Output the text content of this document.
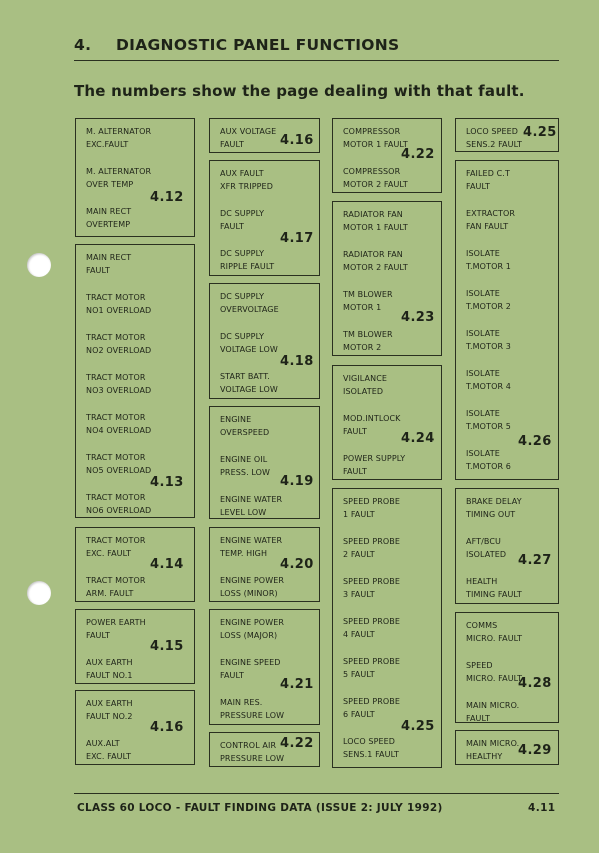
4. DIAGNOSTIC PANEL FUNCTIONS
The numbers show the page dealing with that fault.
M. ALTERNATOR
EXC.FAULT
M. ALTERNATOR
OVER TEMP
MAIN RECT
OVERTEMP
4.12
MAIN RECT
FAULT
TRACT MOTOR
NO1 OVERLOAD
TRACT MOTOR
NO2 OVERLOAD
TRACT MOTOR
NO3 OVERLOAD
TRACT MOTOR
NO4 OVERLOAD
TRACT MOTOR
NO5 OVERLOAD
TRACT MOTOR
NO6 OVERLOAD
4.13
TRACT MOTOR
EXC. FAULT
TRACT MOTOR
ARM. FAULT
4.14
POWER EARTH
FAULT
AUX EARTH
FAULT NO.1
4.15
AUX EARTH
FAULT NO.2
AUX.ALT
EXC. FAULT
4.16
AUX VOLTAGE
FAULT	4.16
AUX FAULT
XFR TRIPPED
DC SUPPLY
FAULT
DC SUPPLY
RIPPLE FAULT
4.17
DC SUPPLY
OVERVOLTAGE
DC SUPPLY
VOLTAGE LOW
START BATT.
VOLTAGE LOW
4.18
ENGINE
OVERSPEED
ENGINE OIL
PRESS. LOW
ENGINE WATER
LEVEL LOW
4.19
ENGINE WATER
TEMP. HIGH
ENGINE POWER
LOSS (MINOR)
4.20
ENGINE POWER
LOSS (MAJOR)
ENGINE SPEED
FAULT
MAIN RES.
PRESSURE LOW
4.21
CONTROL AIR
PRESSURE LOW
4.22
COMPRESSOR
MOTOR 1 FAULT
COMPRESSOR
MOTOR 2 FAULT
4.22
RADIATOR FAN
MOTOR 1 FAULT
RADIATOR FAN
MOTOR 2 FAULT
TM BLOWER
MOTOR 1
TM BLOWER
MOTOR 2
4.23
VIGILANCE
ISOLATED
MOD.INTLOCK
FAULT
POWER SUPPLY
FAULT
4.24
SPEED PROBE
1 FAULT
SPEED PROBE
2 FAULT
SPEED PROBE
3 FAULT
SPEED PROBE
4 FAULT
SPEED PROBE
5 FAULT
SPEED PROBE
6 FAULT
LOCO SPEED
SENS.1 FAULT
4.25
LOCO SPEED
SENS.2 FAULT
4.25
FAILED C.T
FAULT
EXTRACTOR
FAN FAULT
ISOLATE
T.MOTOR 1
ISOLATE
T.MOTOR 2
ISOLATE
T.MOTOR 3
ISOLATE
T.MOTOR 4
ISOLATE
T.MOTOR 5
ISOLATE
T.MOTOR 6
4.26
BRAKE DELAY
TIMING OUT
AFT/BCU
ISOLATED
HEALTH
TIMING FAULT
4.27
COMMS
MICRO. FAULT
SPEED
MICRO. FAULT
MAIN MICRO.
FAULT
4.28
MAIN MICRO.
HEALTHY	4.29
CLASS 60 LOCO - FAULT FINDING DATA (ISSUE 2: JULY 1992)	4.11
